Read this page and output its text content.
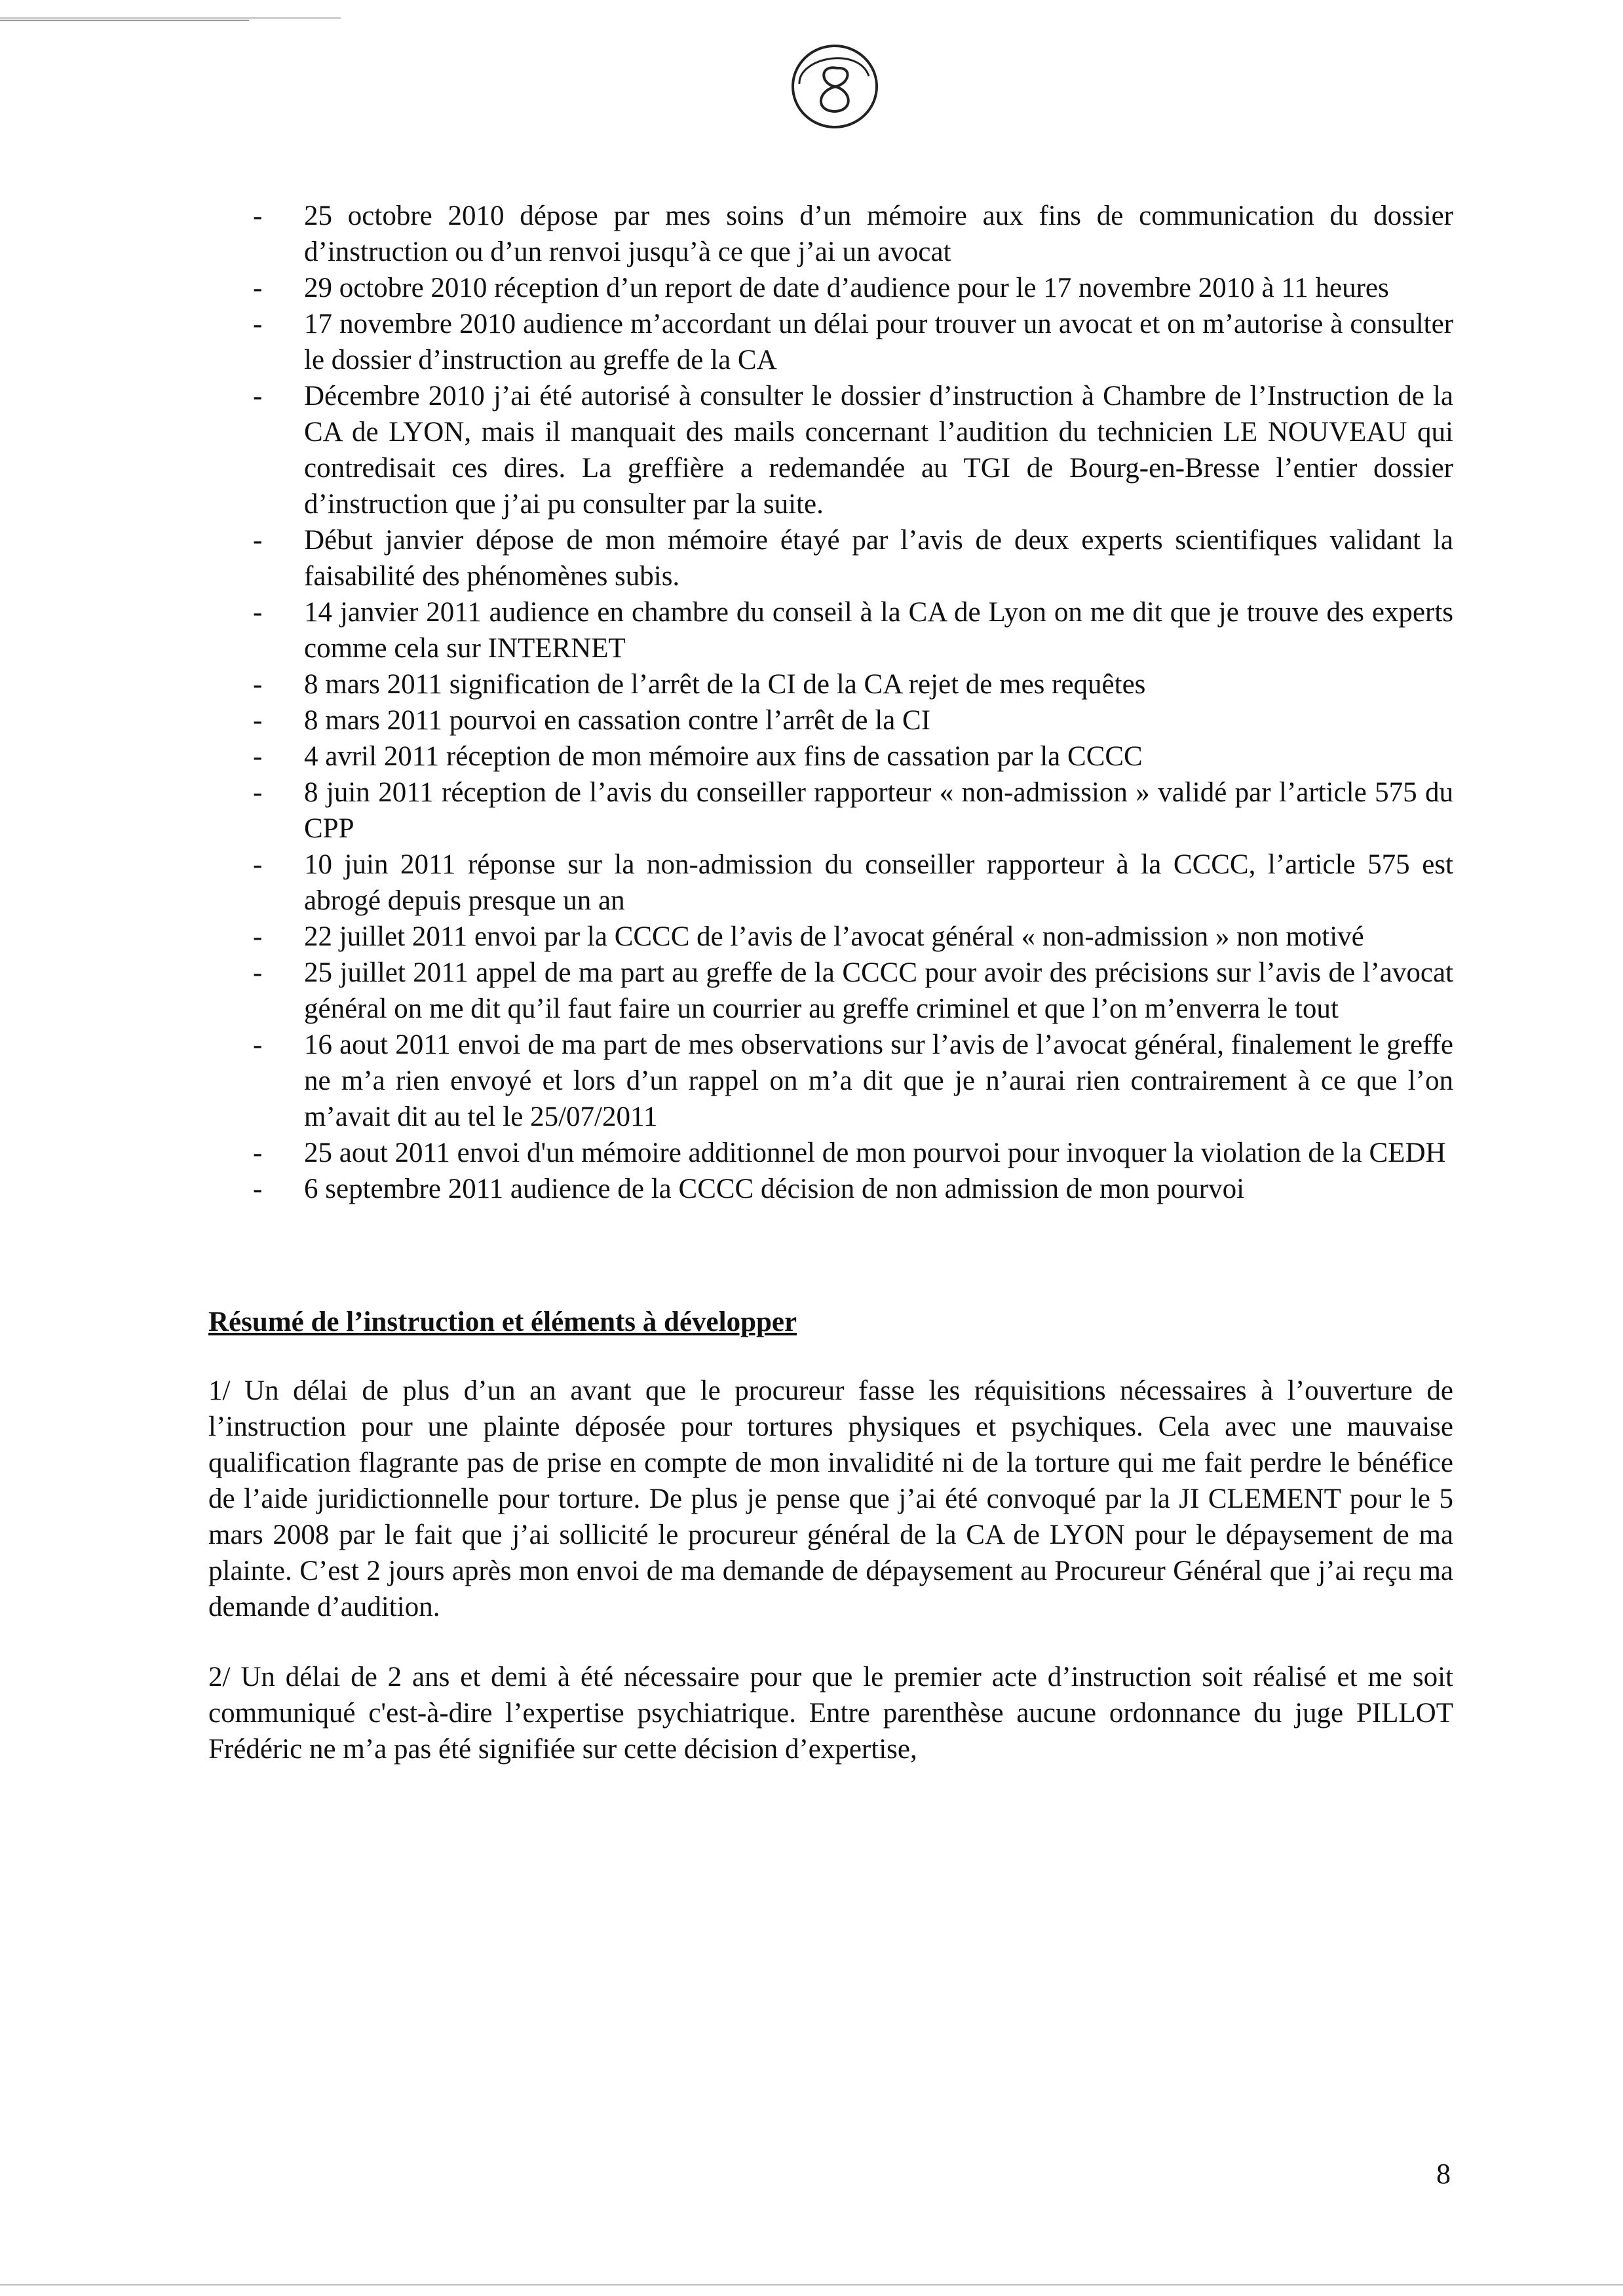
- 25 octobre 2010 dépose par mes soins d’un mémoire aux fins de communication du dossier d’instruction ou d’un renvoi jusqu’à ce que j’ai un avocat
- 29 octobre 2010 réception d’un report de date d’audience pour le 17 novembre 2010 à 11 heures
- 17 novembre 2010 audience m’accordant un délai pour trouver un avocat et on m’autorise à consulter le dossier d’instruction au greffe de la CA
- Décembre 2010 j’ai été autorisé à consulter le dossier d’instruction à Chambre de l’Instruction de la CA de LYON, mais il manquait des mails concernant l’audition du technicien LE NOUVEAU qui contredisait ces dires. La greffière a redemandée au TGI de Bourg-en-Bresse l’entier dossier d’instruction que j’ai pu consulter par la suite.
- Début janvier dépose de mon mémoire étayé par l’avis de deux experts scientifiques validant la faisabilité des phénomènes subis.
- 14 janvier 2011 audience en chambre du conseil à la CA de Lyon on me dit que je trouve des experts comme cela sur INTERNET
- 8 mars 2011 signification de l’arrêt de la CI de la CA rejet de mes requêtes
- 8 mars 2011 pourvoi en cassation contre l’arrêt de la CI
- 4 avril 2011 réception de mon mémoire aux fins de cassation par la CCCC
- 8 juin 2011 réception de l’avis du conseiller rapporteur « non-admission » validé par l’article 575 du CPP
- 10 juin 2011 réponse sur la non-admission du conseiller rapporteur à la CCCC, l’article 575 est abrogé depuis presque un an
- 22 juillet 2011 envoi par la CCCC de l’avis de l’avocat général « non-admission » non motivé
- 25 juillet 2011 appel de ma part au greffe de la CCCC pour avoir des précisions sur l’avis de l’avocat général on me dit qu’il faut faire un courrier au greffe criminel et que l’on m’enverra le tout
- 16 aout 2011 envoi de ma part de mes observations sur l’avis de l’avocat général, finalement le greffe ne m’a rien envoyé et lors d’un rappel on m’a dit que je n’aurai rien contrairement à ce que l’on m’avait dit au tel le 25/07/2011
- 25 aout 2011 envoi d'un mémoire additionnel de mon pourvoi pour invoquer la violation de la CEDH
- 6 septembre 2011 audience de la CCCC décision de non admission de mon pourvoi
Résumé de l’instruction et éléments à développer

1/ Un délai de plus d’un an avant que le procureur fasse les réquisitions nécessaires à l’ouverture de l’instruction pour une plainte déposée pour tortures physiques et psychiques. Cela avec une mauvaise qualification flagrante pas de prise en compte de mon invalidité ni de la torture qui me fait perdre le bénéfice de l’aide juridictionnelle pour torture. De plus je pense que j’ai été convoqué par la JI CLEMENT pour le 5 mars 2008 par le fait que j’ai sollicité le procureur général de la CA de LYON pour le dépaysement de ma plainte. C’est 2 jours après mon envoi de ma demande de dépaysement au Procureur Général que j’ai reçu ma demande d’audition.

2/ Un délai de 2 ans et demi à été nécessaire pour que le premier acte d’instruction soit réalisé et me soit communiqué c'est-à-dire l’expertise psychiatrique. Entre parenthèse aucune ordonnance du juge PILLOT Frédéric ne m’a pas été signifiée sur cette décision d’expertise,

8
